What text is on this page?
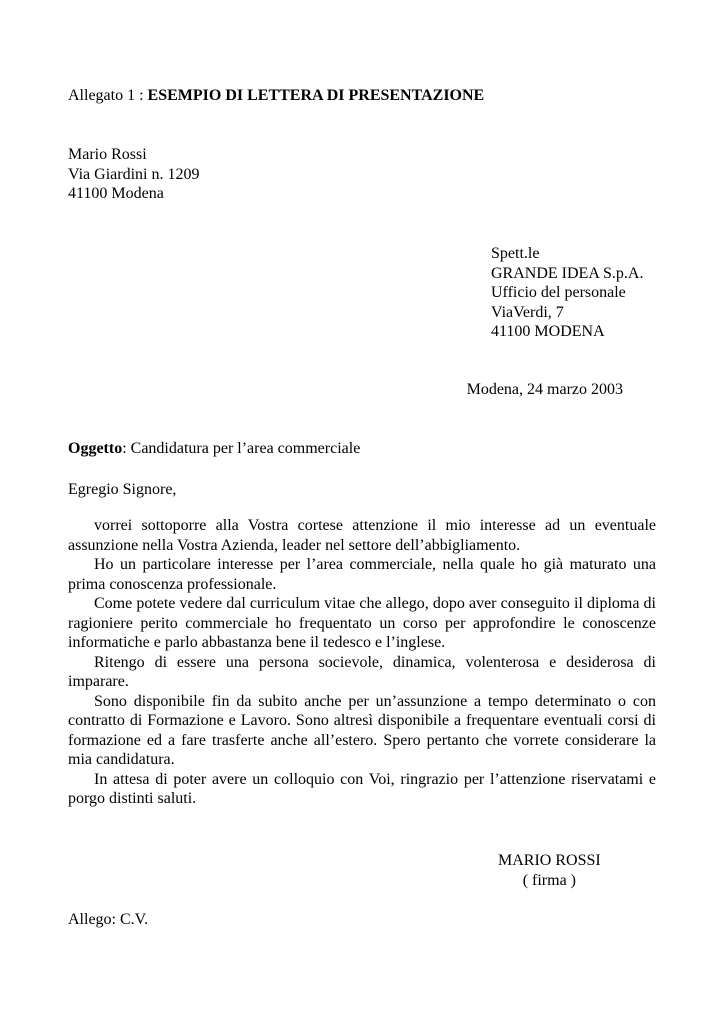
Allegato 1 : ESEMPIO DI LETTERA DI PRESENTAZIONE
Mario Rossi
Via Giardini n. 1209
41100 Modena
Spett.le
GRANDE IDEA S.p.A.
Ufficio del personale
ViaVerdi, 7
41100 MODENA
Modena, 24 marzo 2003
Oggetto: Candidatura per l’area commerciale
Egregio Signore,

vorrei sottoporre alla Vostra cortese attenzione il mio interesse ad un eventuale assunzione nella Vostra Azienda, leader nel settore dell’abbigliamento.

Ho un particolare interesse per l’area commerciale, nella quale ho già maturato una prima conoscenza professionale.

Come potete vedere dal curriculum vitae che allego, dopo aver conseguito il diploma di ragioniere perito commerciale ho frequentato un corso per approfondire le conoscenze informatiche e parlo abbastanza bene il tedesco e l’inglese.

Ritengo di essere una persona socievole, dinamica, volenterosa e desiderosa di imparare.

Sono disponibile fin da subito anche per un’assunzione a tempo determinato o con contratto di Formazione e Lavoro. Sono altresì disponibile a frequentare eventuali corsi di formazione ed a fare trasferte anche all’estero. Spero pertanto che vorrete considerare la mia candidatura.

In attesa di poter avere un colloquio con Voi, ringrazio per l’attenzione riservatami e porgo distinti saluti.

MARIO ROSSI
( firma )
Allego: C.V.
